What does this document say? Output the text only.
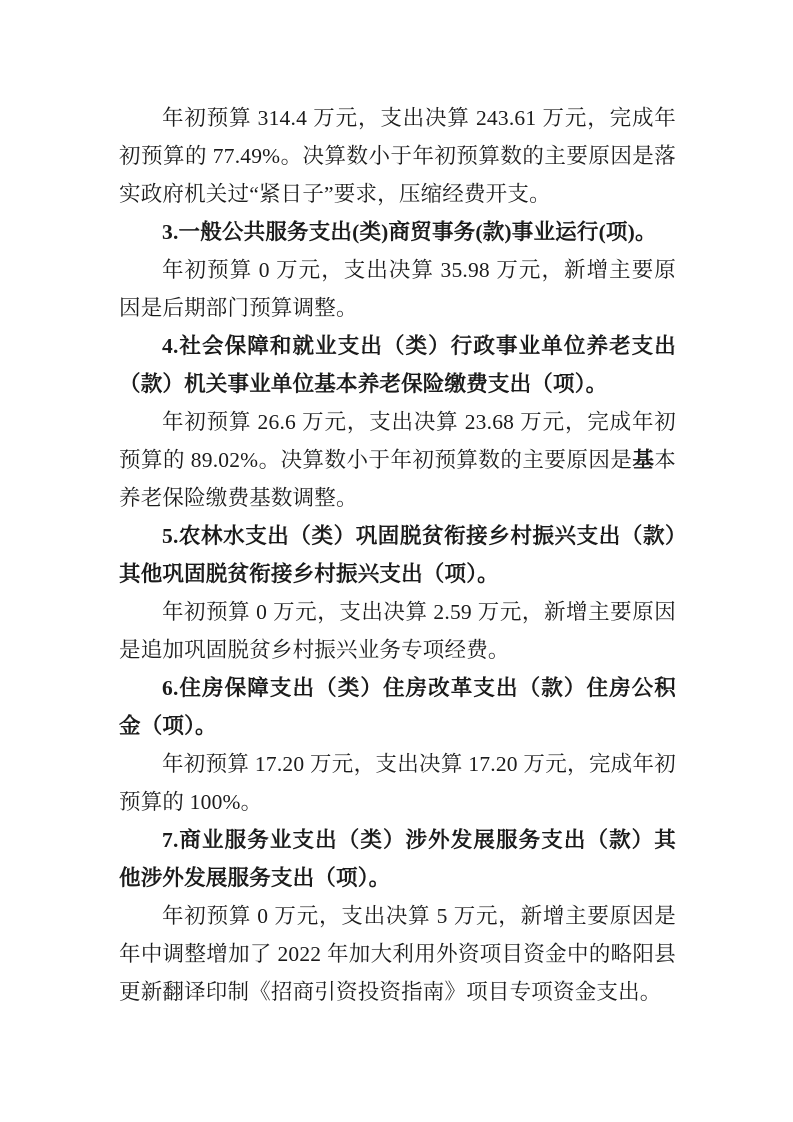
年初预算 314.4 万元，支出决算 243.61 万元，完成年初预算的 77.49%。决算数小于年初预算数的主要原因是落实政府机关过“紧日子”要求，压缩经费开支。

3.一般公共服务支出(类)商贸事务(款)事业运行(项)。

年初预算 0 万元，支出决算 35.98 万元，新增主要原因是后期部门预算调整。

4.社会保障和就业支出（类）行政事业单位养老支出（款）机关事业单位基本养老保险缴费支出（项）。

年初预算 26.6 万元，支出决算 23.68 万元，完成年初预算的 89.02%。决算数小于年初预算数的主要原因是基本养老保险缴费基数调整。

5.农林水支出（类）巩固脱贫衔接乡村振兴支出（款）其他巩固脱贫衔接乡村振兴支出（项）。

年初预算 0 万元，支出决算 2.59 万元，新增主要原因是追加巩固脱贫乡村振兴业务专项经费。

6.住房保障支出（类）住房改革支出（款）住房公积金（项）。

年初预算 17.20 万元，支出决算 17.20 万元，完成年初预算的 100%。

7.商业服务业支出（类）涉外发展服务支出（款）其他涉外发展服务支出（项）。

年初预算 0 万元，支出决算 5 万元，新增主要原因是年中调整增加了 2022 年加大利用外资项目资金中的略阳县更新翻译印制《招商引资投资指南》项目专项资金支出。
